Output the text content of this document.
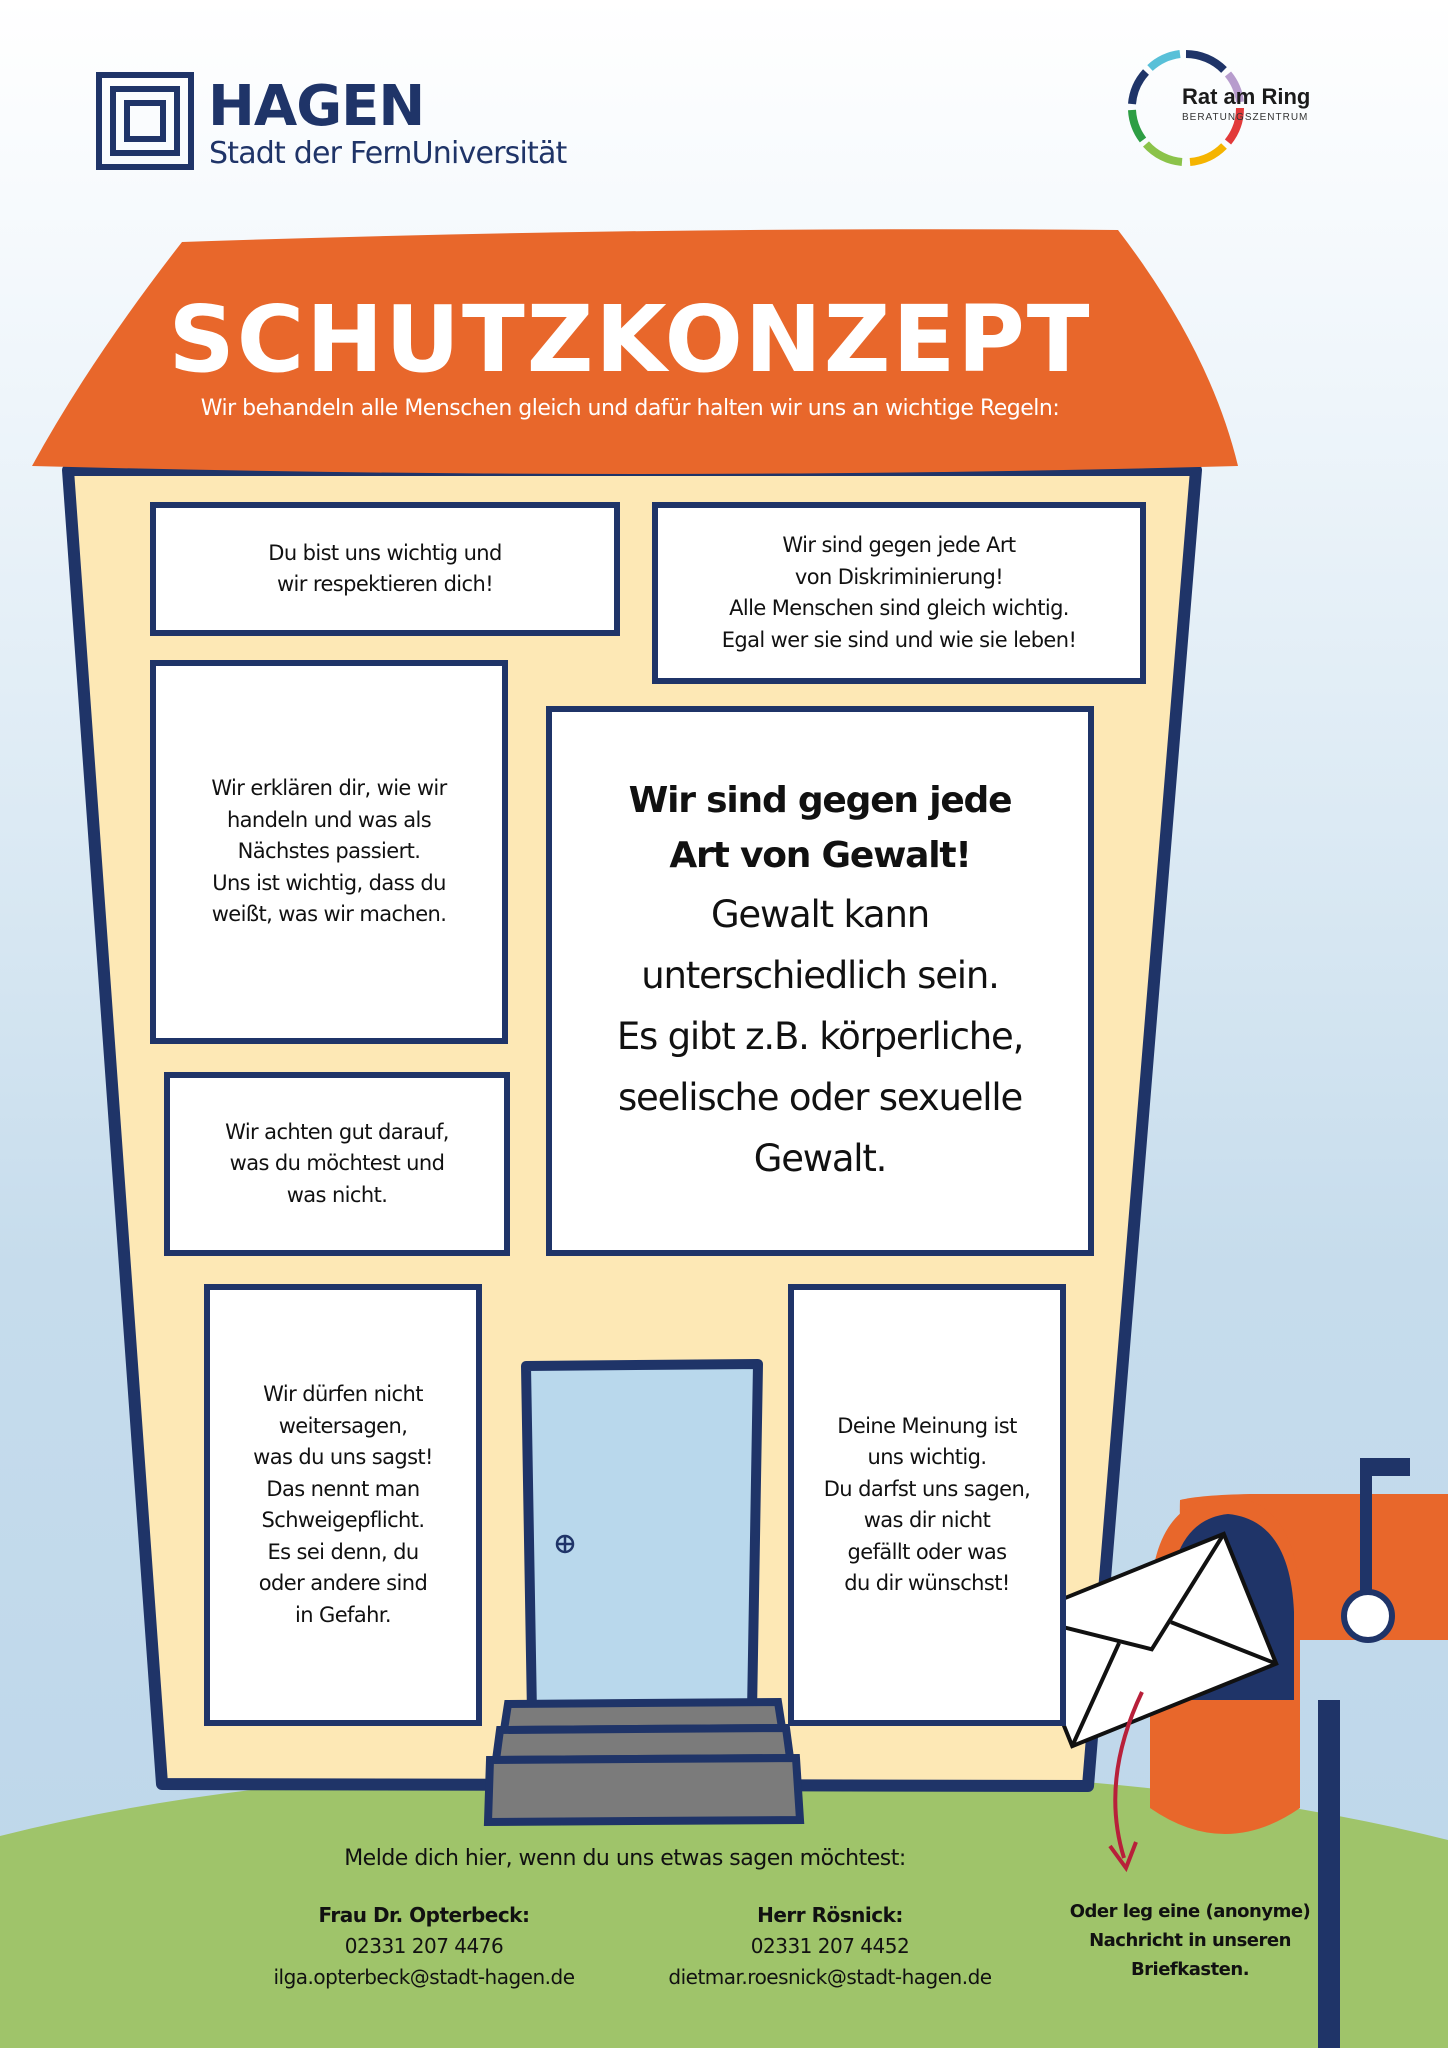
HAGEN
Stadt der FernUniversität
Rat am Ring
BERATUNGSZENTRUM
SCHUTZKONZEPT
Wir behandeln alle Menschen gleich und dafür halten wir uns an wichtige Regeln:
Du bist uns wichtig und
wir respektieren dich!
Wir sind gegen jede Art
von Diskriminierung!
Alle Menschen sind gleich wichtig.
Egal wer sie sind und wie sie leben!
Wir erklären dir, wie wir
handeln und was als
Nächstes passiert.
Uns ist wichtig, dass du
weißt, was wir machen.
Wir sind gegen jede
Art von Gewalt!
Gewalt kann
unterschiedlich sein.
Es gibt z.B. körperliche,
seelische oder sexuelle
Gewalt.
Wir achten gut darauf,
was du möchtest und
was nicht.
Wir dürfen nicht
weitersagen,
was du uns sagst!
Das nennt man
Schweigepflicht.
Es sei denn, du
oder andere sind
in Gefahr.
Deine Meinung ist
uns wichtig.
Du darfst uns sagen,
was dir nicht
gefällt oder was
du dir wünschst!
Melde dich hier, wenn du uns etwas sagen möchtest:
Frau Dr. Opterbeck:
02331 207 4476
ilga.opterbeck@stadt-hagen.de
Herr Rösnick:
02331 207 4452
dietmar.roesnick@stadt-hagen.de
Oder leg eine (anonyme)
Nachricht in unseren
Briefkasten.
